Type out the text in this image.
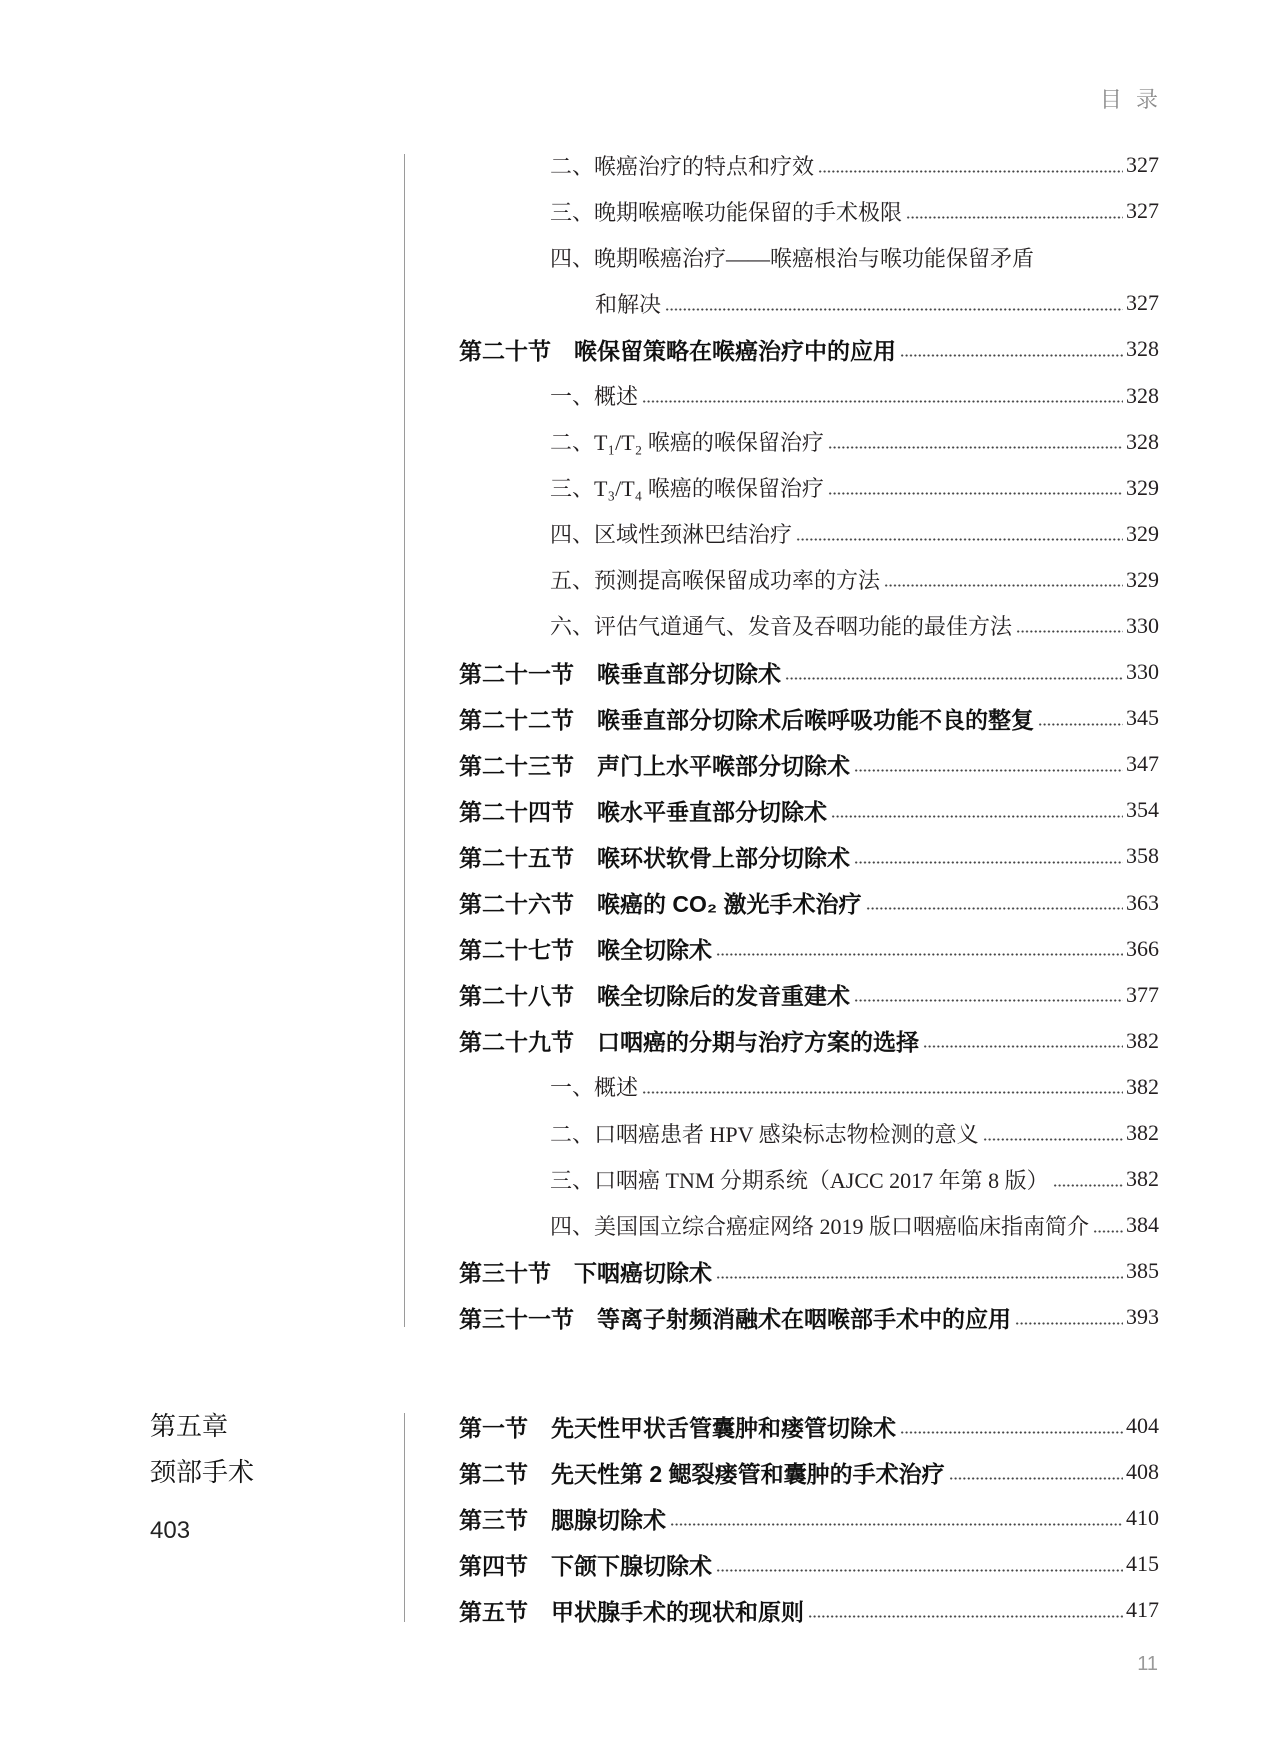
目 录
二、喉癌治疗的特点和疗效	327
三、晚期喉癌喉功能保留的手术极限	327
四、晚期喉癌治疗——喉癌根治与喉功能保留矛盾
和解决	327
第二十节 喉保留策略在喉癌治疗中的应用	328
一、概述	328
二、T₁/T₂ 喉癌的喉保留治疗	328
三、T₃/T₄ 喉癌的喉保留治疗	329
四、区域性颈淋巴结治疗	329
五、预测提高喉保留成功率的方法	329
六、评估气道通气、发音及吞咽功能的最佳方法	330
第二十一节 喉垂直部分切除术	330
第二十二节 喉垂直部分切除术后喉呼吸功能不良的整复	345
第二十三节 声门上水平喉部分切除术	347
第二十四节 喉水平垂直部分切除术	354
第二十五节 喉环状软骨上部分切除术	358
第二十六节 喉癌的 CO₂ 激光手术治疗	363
第二十七节 喉全切除术	366
第二十八节 喉全切除后的发音重建术	377
第二十九节 口咽癌的分期与治疗方案的选择	382
一、概述	382
二、口咽癌患者 HPV 感染标志物检测的意义	382
三、口咽癌 TNM 分期系统（AJCC 2017 年第 8 版）	382
四、美国国立综合癌症网络 2019 版口咽癌临床指南简介 384
第三十节 下咽癌切除术	385
第三十一节 等离子射频消融术在咽喉部手术中的应用	393
第五章
颈部手术
403
第一节 先天性甲状舌管囊肿和瘘管切除术	404
第二节 先天性第 2 鳃裂瘘管和囊肿的手术治疗	408
第三节 腮腺切除术	410
第四节 下颌下腺切除术	415
第五节 甲状腺手术的现状和原则	417
11
